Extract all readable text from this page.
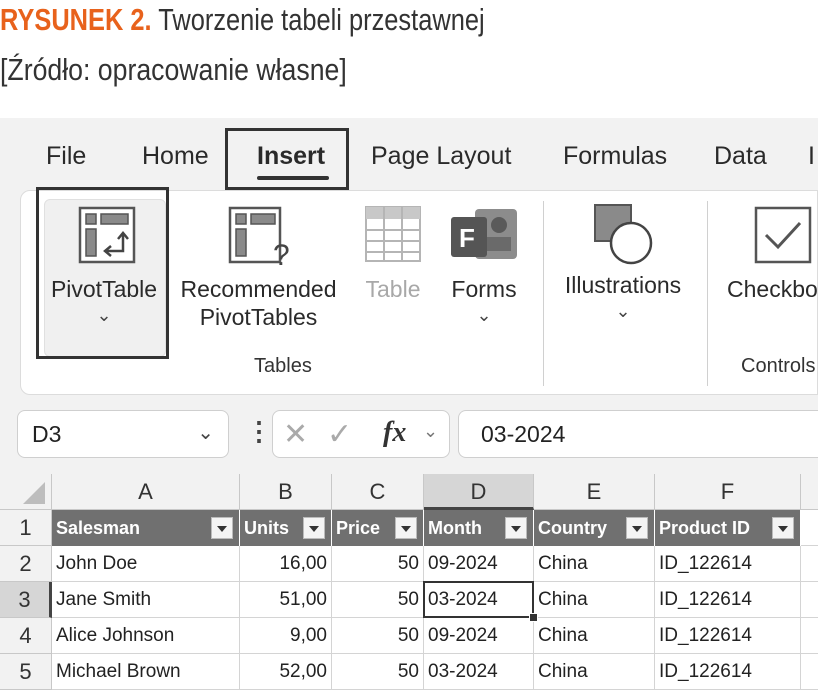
RYSUNEK 2. Tworzenie tabeli przestawnej
[Źródło: opracowanie własne]
File Home Insert Page Layout Formulas Data I
PivotTable
⌄
?
Recommended
PivotTables
Table
F
Forms
⌄
Illustrations
⌄
Checkbo
Tables	Controls
D3	⌄ ⋮ ✕ ✓ fx ⌄ 03-2024
A	B	C	D	E	F
1	Salesman	Units	Price	Month	Country	Product ID
2	John Doe	16,00	50 09-2024	China	ID_122614
3	Jane Smith	51,00	50 03-2024	China	ID_122614
4	Alice Johnson	9,00	50 09-2024	China	ID_122614
5	Michael Brown	52,00	50 03-2024	China	ID_122614
